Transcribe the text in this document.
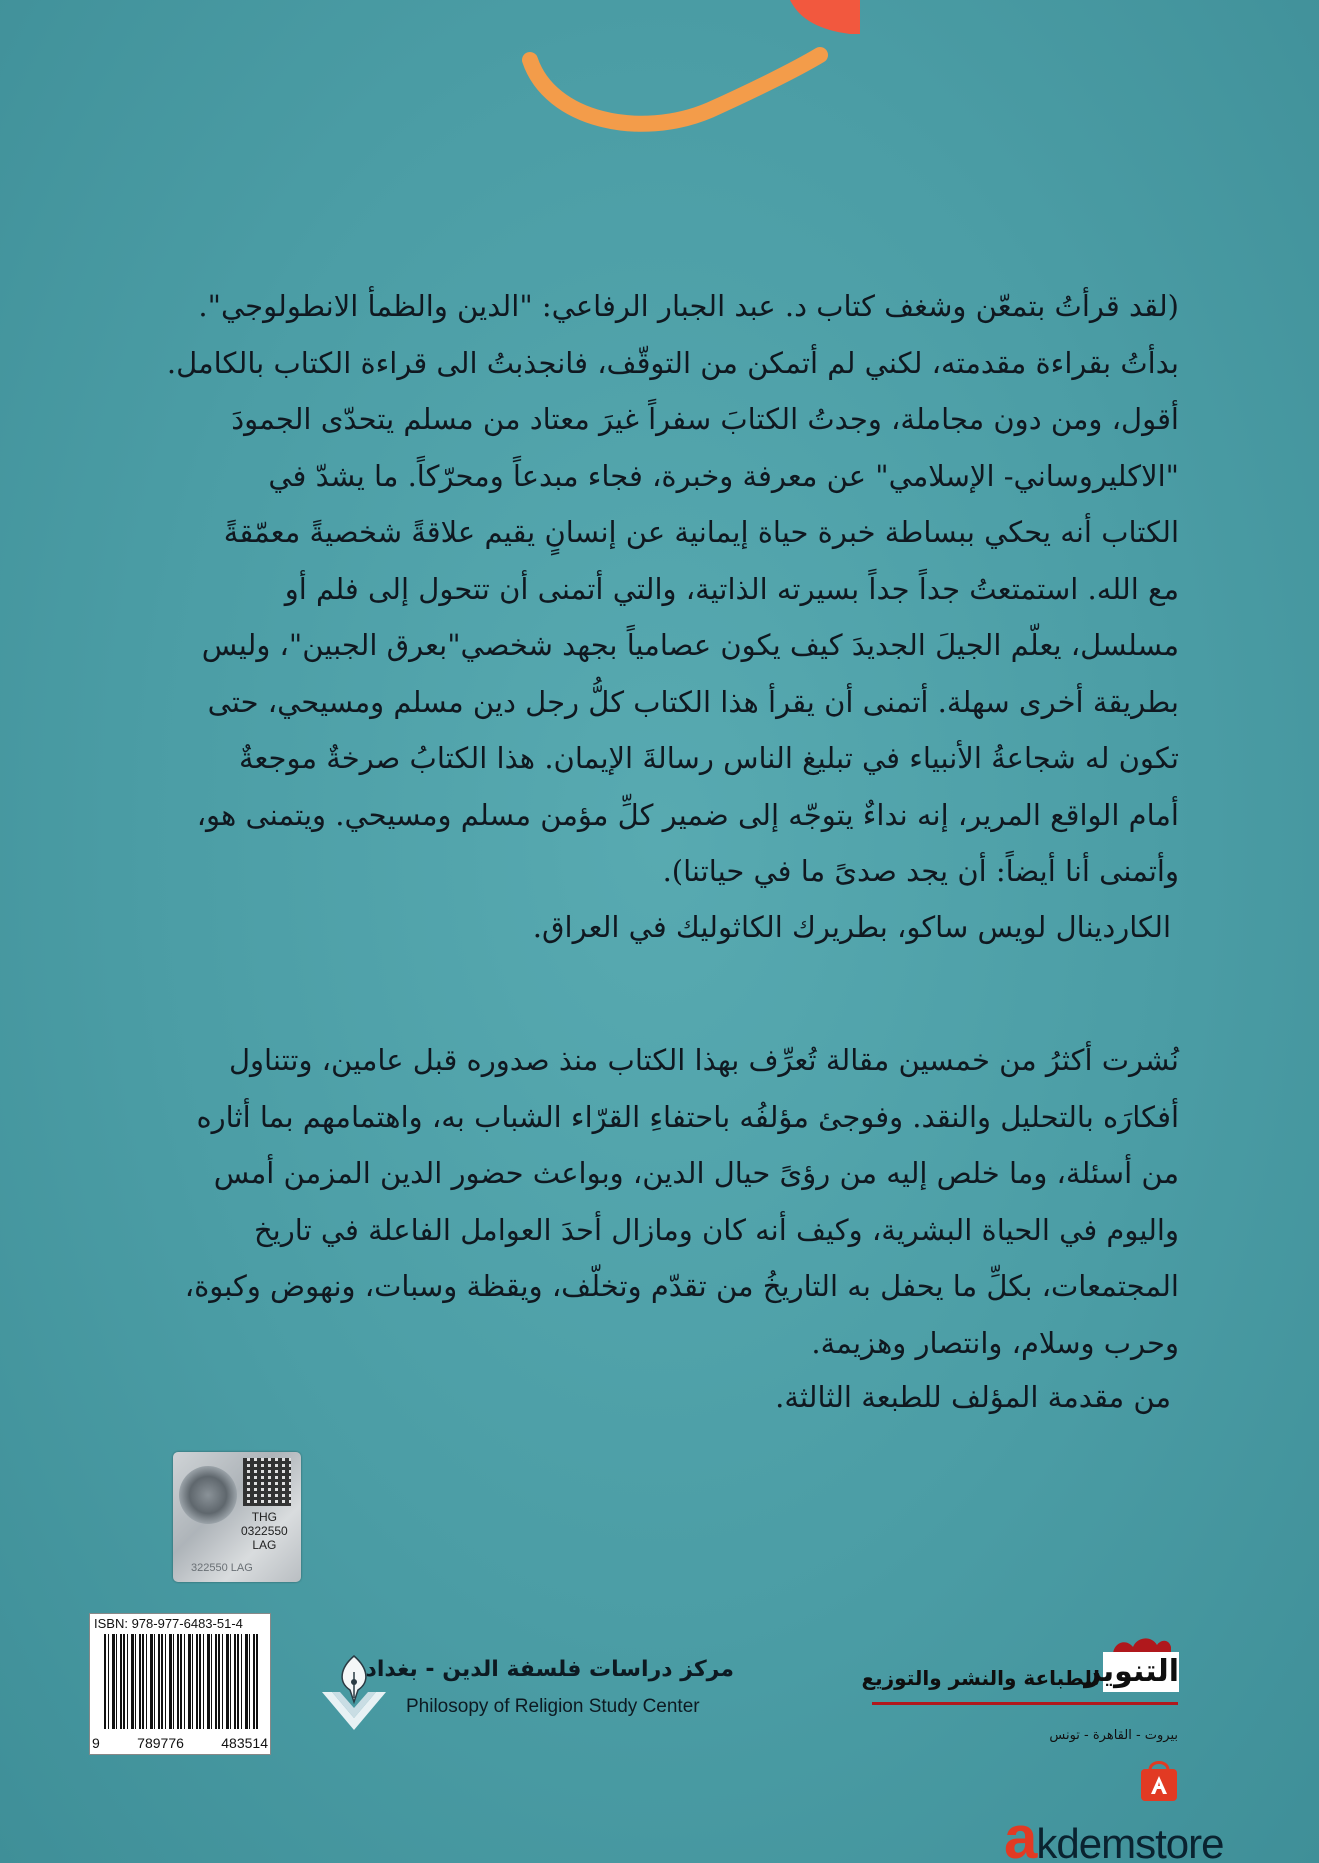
(لقد قرأتُ بتمعّن وشغف كتاب د. عبد الجبار الرفاعي: "الدين والظمأ الانطولوجي".

بدأتُ بقراءة مقدمته، لكني لم أتمكن من التوقّف، فانجذبتُ الى قراءة الكتاب بالكامل.

أقول، ومن دون مجاملة، وجدتُ الكتابَ سفراً غيرَ معتاد من مسلم يتحدّى الجمودَ

"الاكليروساني- الإسلامي" عن معرفة وخبرة، فجاء مبدعاً ومحرّكاً. ما يشدّ في

الكتاب أنه يحكي ببساطة خبرة حياة إيمانية عن إنسانٍ يقيم علاقةً شخصيةً معمّقةً

مع الله. استمتعتُ جداً جداً بسيرته الذاتية، والتي أتمنى أن تتحول إلى فلم أو

مسلسل، يعلّم الجيلَ الجديدَ كيف يكون عصامياً بجهد شخصي"بعرق الجبين"، وليس

بطريقة أخرى سهلة. أتمنى أن يقرأ هذا الكتاب كلُّ رجل دين مسلم ومسيحي، حتى

تكون له شجاعةُ الأنبياء في تبليغ الناس رسالةَ الإيمان. هذا الكتابُ صرخةٌ موجعةٌ

أمام الواقع المرير، إنه نداءٌ يتوجّه إلى ضمير كلِّ مؤمن مسلم ومسيحي. ويتمنى هو،

وأتمنى أنا أيضاً: أن يجد صدىً ما في حياتنا).

الكاردينال لويس ساكو، بطريرك الكاثوليك في العراق.

نُشرت أكثرُ من خمسين مقالة تُعرِّف بهذا الكتاب منذ صدوره قبل عامين، وتتناول

أفكارَه بالتحليل والنقد. وفوجئ مؤلفُه باحتفاءِ القرّاء الشباب به، واهتمامهم بما أثاره

من أسئلة، وما خلص إليه من رؤىً حيال الدين، وبواعث حضور الدين المزمن أمس

واليوم في الحياة البشرية، وكيف أنه كان ومازال أحدَ العوامل الفاعلة في تاريخ

المجتمعات، بكلِّ ما يحفل به التاريخُ من تقدّم وتخلّف، ويقظة وسبات، ونهوض وكبوة،

وحرب وسلام، وانتصار وهزيمة.

من مقدمة المؤلف للطبعة الثالثة.
THG
0322550
LAG
322550 LAG
ISBN: 978-977-6483-51-4
9	789776	483514
مركز دراسات فلسفة الدين - بغداد
Philosopy of Religion Study Center
التنوير
للطباعة والنشر والتوزيع
بيروت - القاهرة - تونس
akdemstore
